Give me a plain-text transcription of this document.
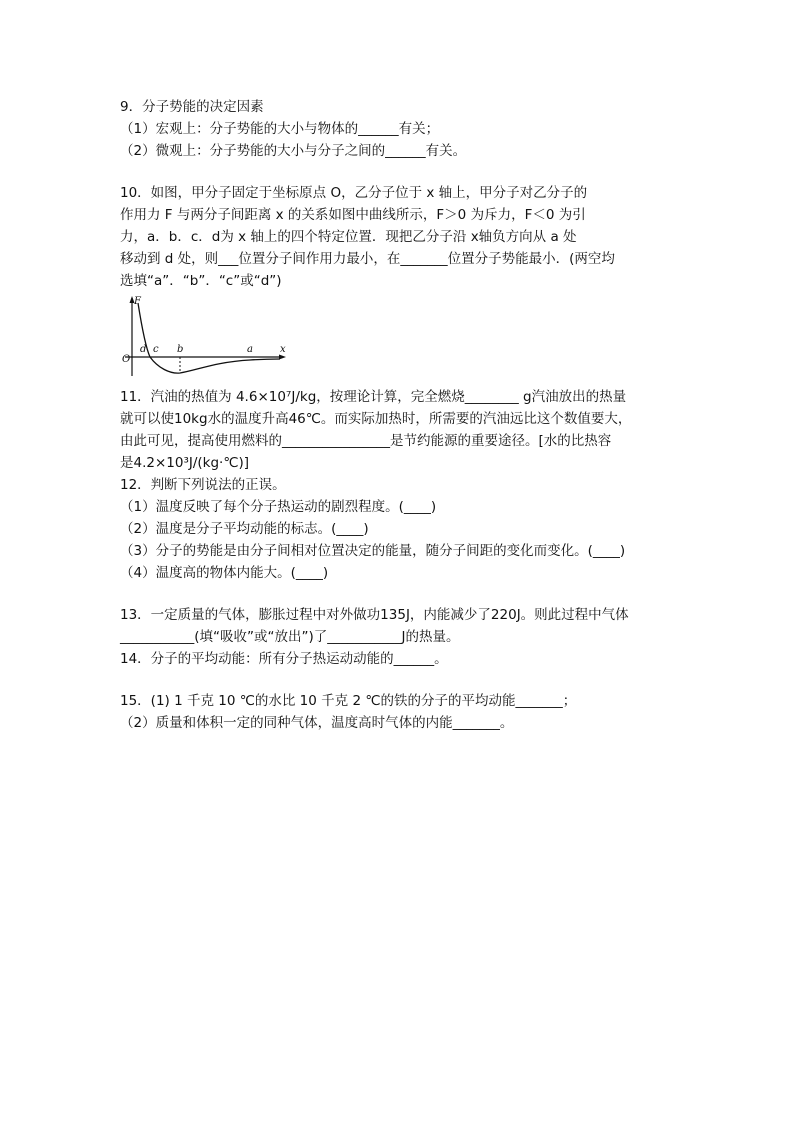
9．分子势能的决定因素
（1）宏观上：分子势能的大小与物体的______有关；
（2）微观上：分子势能的大小与分子之间的______有关。
10．如图，甲分子固定于坐标原点 O，乙分子位于 x 轴上，甲分子对乙分子的
作用力 F 与两分子间距离 x 的关系如图中曲线所示，F＞0 为斥力，F＜0 为引
力，a．b．c．d为 x 轴上的四个特定位置．现把乙分子沿 x轴负方向从 a 处
移动到 d 处，则___位置分子间作用力最小，在_______位置分子势能最小．(两空均
选填“a”．“b”．“c”或“d”)
F
O
x
d c b	a
11．汽油的热值为 4.6×10⁷J/kg，按理论计算，完全燃烧________ g汽油放出的热量
就可以使10kg水的温度升高46℃。而实际加热时，所需要的汽油远比这个数值要大，
由此可见，提高使用燃料的________________是节约能源的重要途径。[水的比热容
是4.2×10³J/(kg·℃)]
12．判断下列说法的正误。
（1）温度反映了每个分子热运动的剧烈程度。(____)
（2）温度是分子平均动能的标志。(____)
（3）分子的势能是由分子间相对位置决定的能量，随分子间距的变化而变化。(____)
（4）温度高的物体内能大。(____)
13．一定质量的气体，膨胀过程中对外做功135J，内能减少了220J。则此过程中气体
___________(填“吸收”或“放出”)了___________J的热量。
14．分子的平均动能：所有分子热运动动能的______。
15．(1) 1 千克 10 ℃的水比 10 千克 2 ℃的铁的分子的平均动能_______；
（2）质量和体积一定的同种气体，温度高时气体的内能_______。
